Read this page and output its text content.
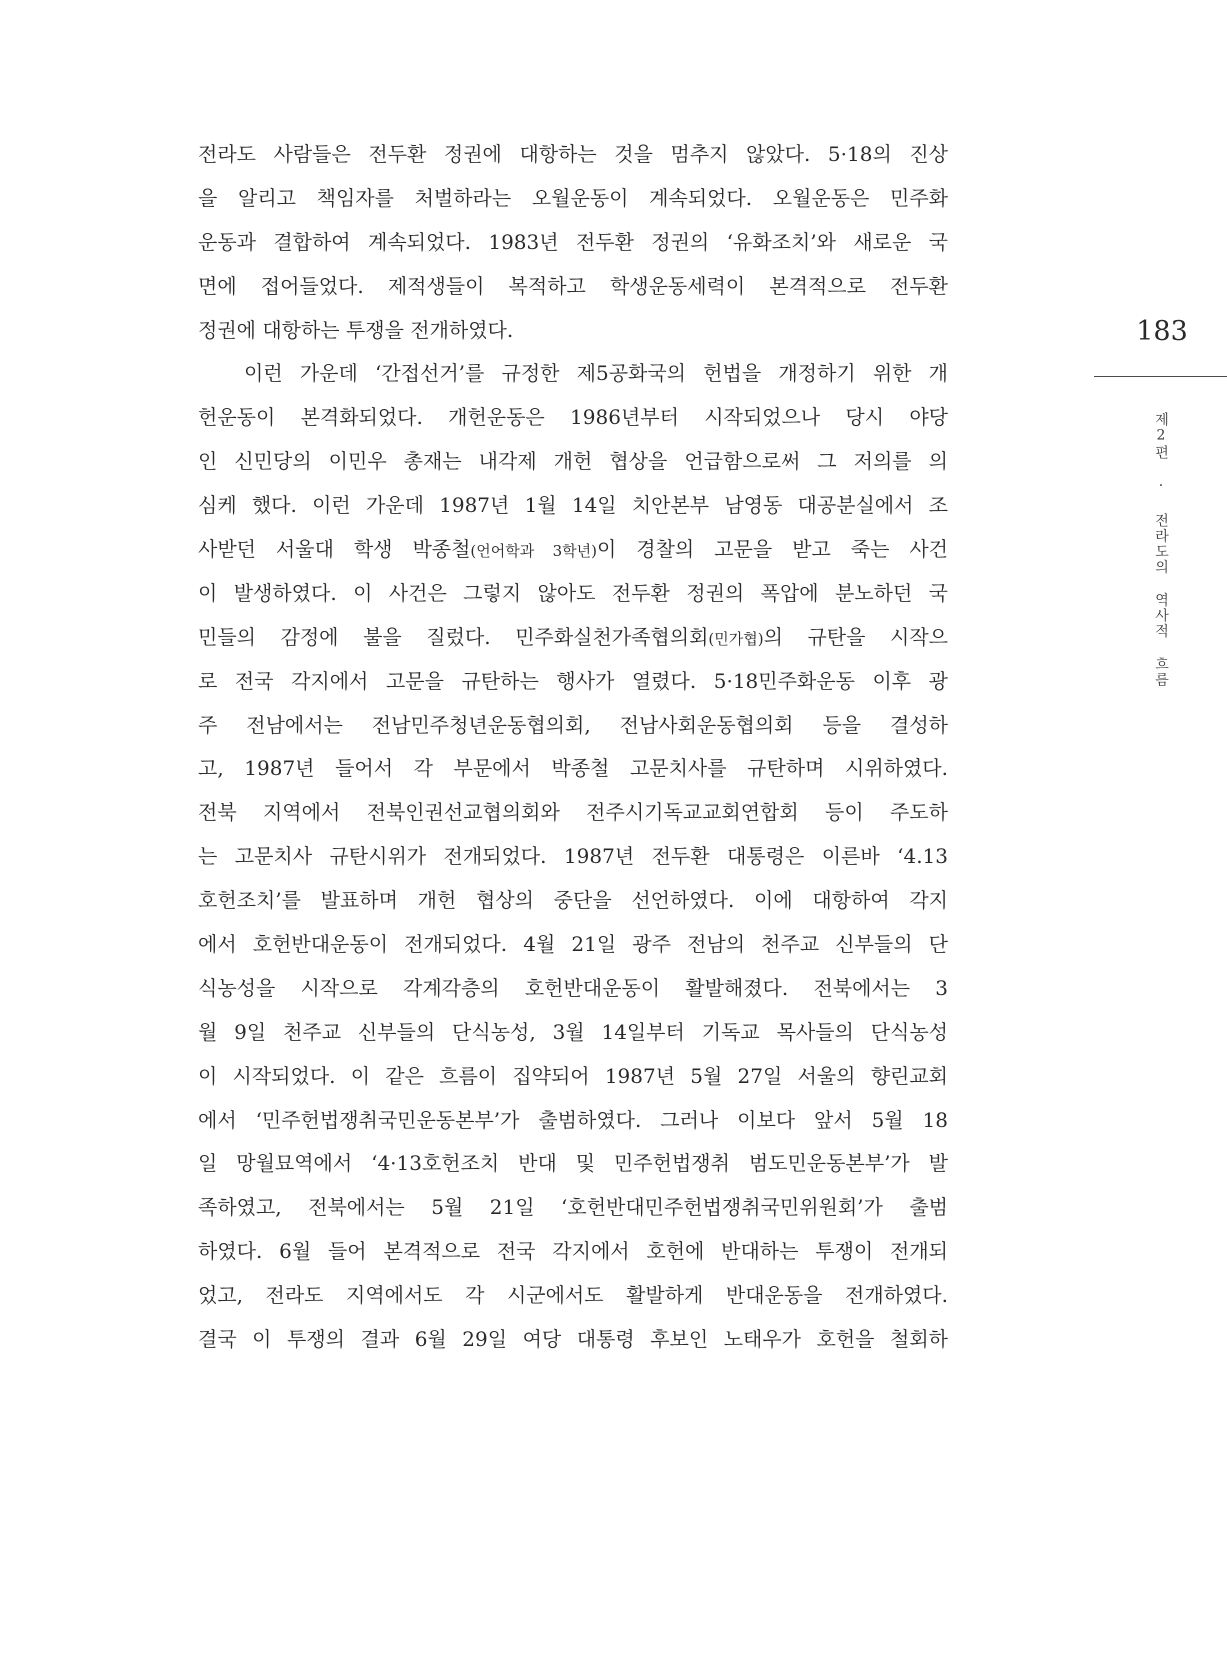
전라도 사람들은 전두환 정권에 대항하는 것을 멈추지 않았다. 5·18의 진상
을 알리고 책임자를 처벌하라는 오월운동이 계속되었다. 오월운동은 민주화
운동과 결합하여 계속되었다. 1983년 전두환 정권의 ‘유화조치’와 새로운 국
면에 접어들었다. 제적생들이 복적하고 학생운동세력이 본격적으로 전두환
정권에 대항하는 투쟁을 전개하였다.
이런 가운데 ‘간접선거’를 규정한 제5공화국의 헌법을 개정하기 위한 개
헌운동이 본격화되었다. 개헌운동은 1986년부터 시작되었으나 당시 야당
인 신민당의 이민우 총재는 내각제 개헌 협상을 언급함으로써 그 저의를 의
심케 했다. 이런 가운데 1987년 1월 14일 치안본부 남영동 대공분실에서 조
사받던 서울대 학생 박종철(언어학과 3학년)이 경찰의 고문을 받고 죽는 사건
이 발생하였다. 이 사건은 그렇지 않아도 전두환 정권의 폭압에 분노하던 국
민들의 감정에 불을 질렀다. 민주화실천가족협의회(민가협)의 규탄을 시작으
로 전국 각지에서 고문을 규탄하는 행사가 열렸다. 5·18민주화운동 이후 광
주 전남에서는 전남민주청년운동협의회, 전남사회운동협의회 등을 결성하
고, 1987년 들어서 각 부문에서 박종철 고문치사를 규탄하며 시위하였다.
전북 지역에서 전북인권선교협의회와 전주시기독교교회연합회 등이 주도하
는 고문치사 규탄시위가 전개되었다. 1987년 전두환 대통령은 이른바 ‘4.13
호헌조치’를 발표하며 개헌 협상의 중단을 선언하였다. 이에 대항하여 각지
에서 호헌반대운동이 전개되었다. 4월 21일 광주 전남의 천주교 신부들의 단
식농성을 시작으로 각계각층의 호헌반대운동이 활발해졌다. 전북에서는 3
월 9일 천주교 신부들의 단식농성, 3월 14일부터 기독교 목사들의 단식농성
이 시작되었다. 이 같은 흐름이 집약되어 1987년 5월 27일 서울의 향린교회
에서 ‘민주헌법쟁취국민운동본부’가 출범하였다. 그러나 이보다 앞서 5월 18
일 망월묘역에서 ‘4·13호헌조치 반대 및 민주헌법쟁취 범도민운동본부’가 발
족하였고, 전북에서는 5월 21일 ‘호헌반대민주헌법쟁취국민위원회’가 출범
하였다. 6월 들어 본격적으로 전국 각지에서 호헌에 반대하는 투쟁이 전개되
었고, 전라도 지역에서도 각 시군에서도 활발하게 반대운동을 전개하였다.
결국 이 투쟁의 결과 6월 29일 여당 대통령 후보인 노태우가 호헌을 철회하
183
제2편 · 전라도의 역사적 흐름
